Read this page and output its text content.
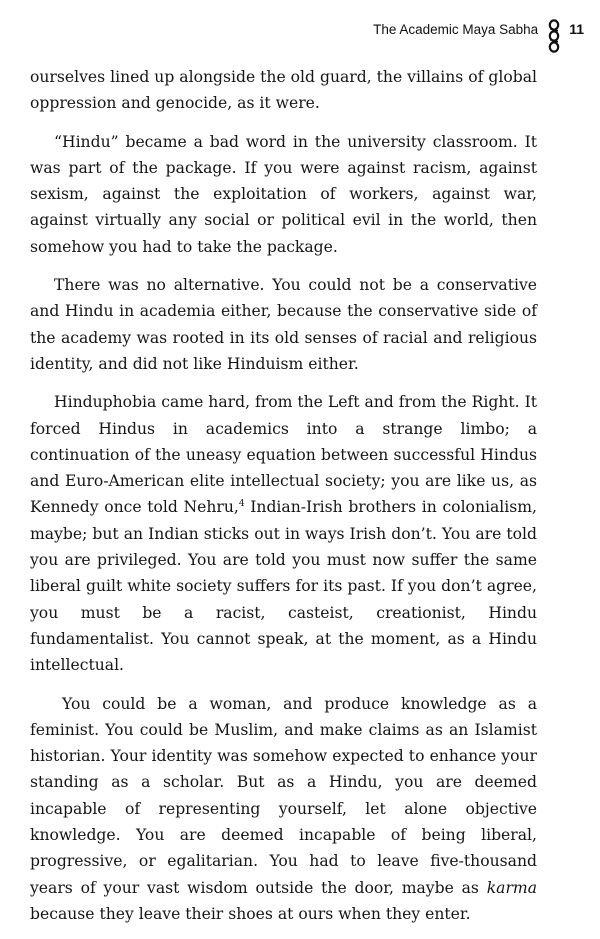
The Academic Maya Sabha 11

ourselves lined up alongside the old guard, the villains of global oppression and genocide, as it were.

“Hindu” became a bad word in the university classroom. It was part of the package. If you were against racism, against sexism, against the exploitation of workers, against war, against virtually any social or political evil in the world, then somehow you had to take the package.

There was no alternative. You could not be a conservative and Hindu in academia either, because the conservative side of the academy was rooted in its old senses of racial and religious identity, and did not like Hinduism either.

Hinduphobia came hard, from the Left and from the Right. It forced Hindus in academics into a strange limbo; a continuation of the uneasy equation between successful Hindus and Euro-American elite intellectual society; you are like us, as Kennedy once told Nehru,$^4$ Indian-Irish brothers in colonialism, maybe; but an Indian sticks out in ways Irish don’t. You are told you are privileged. You are told you must now suffer the same liberal guilt white society suffers for its past. If you don’t agree, you must be a racist, casteist, creationist, Hindu fundamentalist. You cannot speak, at the moment, as a Hindu intellectual.

You could be a woman, and produce knowledge as a feminist. You could be Muslim, and make claims as an Islamist historian. Your identity was somehow expected to enhance your standing as a scholar. But as a Hindu, you are deemed incapable of representing yourself, let alone objective knowledge. You are deemed incapable of being liberal, progressive, or egalitarian. You had to leave five-thousand years of your vast wisdom outside the door, maybe as karma because they leave their shoes at ours when they enter.
